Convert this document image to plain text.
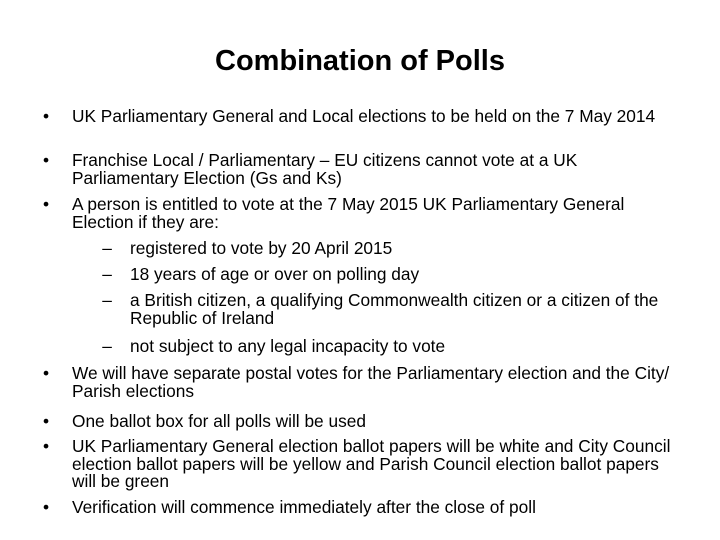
Combination of Polls
• UK Parliamentary General and Local elections to be held on the 7 May 2014
• Franchise Local / Parliamentary – EU citizens cannot vote at a UK Parliamentary Election (Gs and Ks)
• A person is entitled to vote at the 7 May 2015 UK Parliamentary General Election if they are:
– registered to vote by 20 April 2015
– 18 years of age or over on polling day
– a British citizen, a qualifying Commonwealth citizen or a citizen of the Republic of Ireland
– not subject to any legal incapacity to vote
• We will have separate postal votes for the Parliamentary election and the City/ Parish elections
• One ballot box for all polls will be used
• UK Parliamentary General election ballot papers will be white and City Council election ballot papers will be yellow and Parish Council election ballot papers will be green
• Verification will commence immediately after the close of poll
